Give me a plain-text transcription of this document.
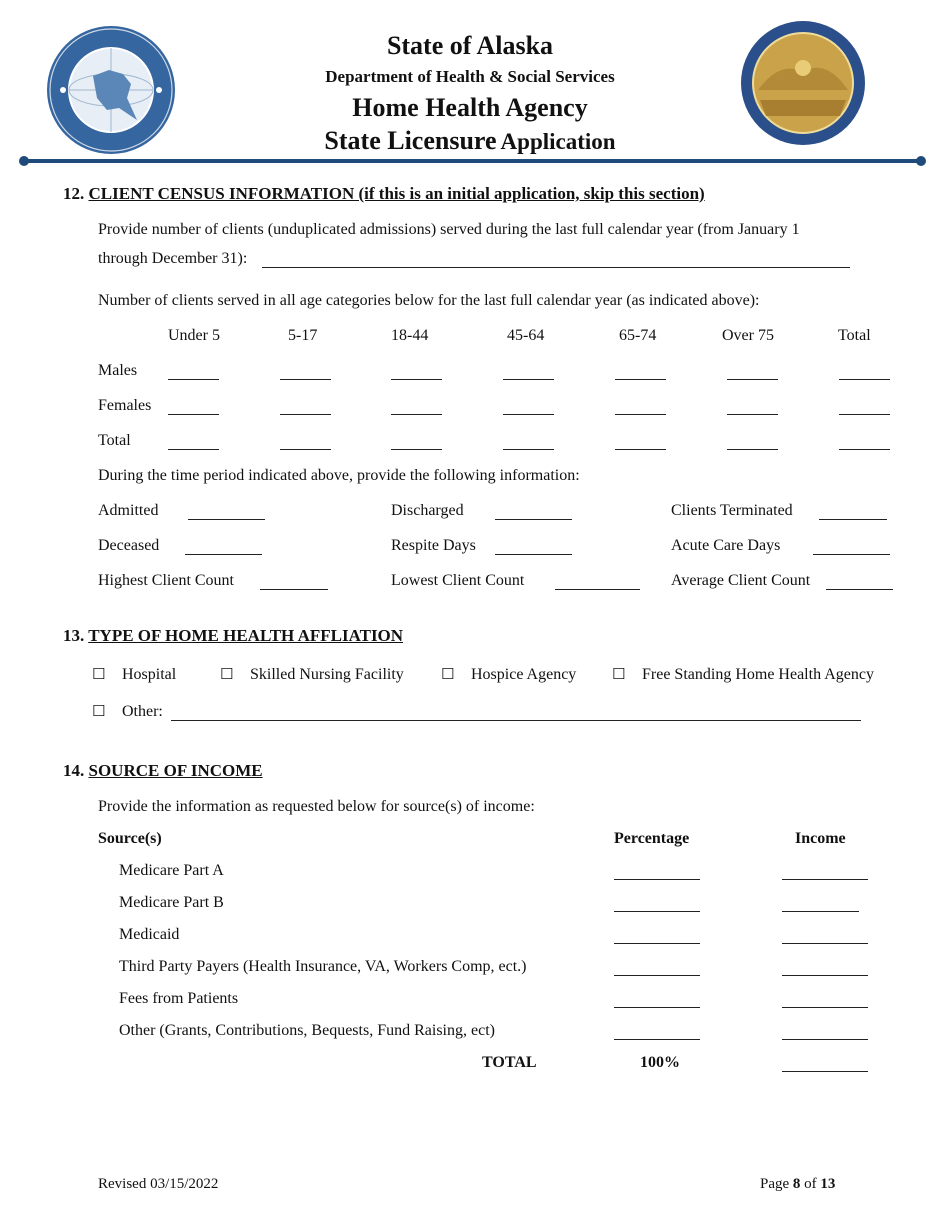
State of Alaska
Department of Health & Social Services
Home Health Agency
State Licensure Application
12. CLIENT CENSUS INFORMATION (if this is an initial application, skip this section)
Provide number of clients (unduplicated admissions) served during the last full calendar year (from January 1
through December 31):
Number of clients served in all age categories below for the last full calendar year (as indicated above):
Under 5	5-17	18-44	45-64	65-74	Over 75	Total
Males
Females
Total
During the time period indicated above, provide the following information:
Admitted	Discharged	Clients Terminated
Deceased	Respite Days	Acute Care Days
Highest Client Count	Lowest Client Count	Average Client Count
13. TYPE OF HOME HEALTH AFFLIATION
☐ Hospital	☐ Skilled Nursing Facility ☐ Hospice Agency ☐ Free Standing Home Health Agency
☐ Other:
14. SOURCE OF INCOME
Provide the information as requested below for source(s) of income:
Source(s)	Percentage	Income
Medicare Part A
Medicare Part B
Medicaid
Third Party Payers (Health Insurance, VA, Workers Comp, ect.)
Fees from Patients
Other (Grants, Contributions, Bequests, Fund Raising, ect)
TOTAL	100%
Revised 03/15/2022	Page 8 of 13
